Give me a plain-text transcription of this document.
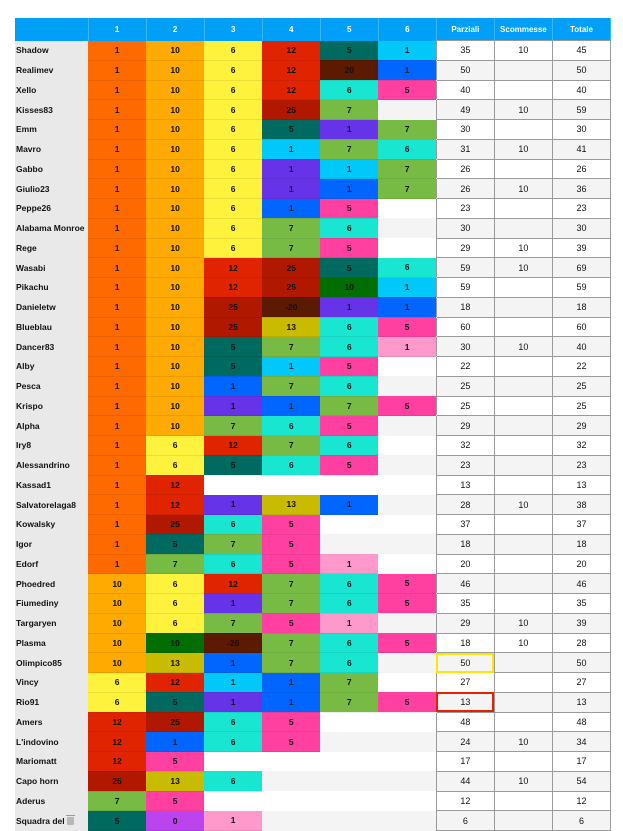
	1	2	3	4	5	6	Parziali	Scommesse	Totale
Shadow	1	10	6	12	5	1	35	10	45
Realimev	1	10	6	12	20	1	50		50
Xello	1	10	6	12	6	5	40		40
Kisses83	1	10	6	25	7		49	10	59
Emm	1	10	6	5	1	7	30		30
Mavro	1	10	6	1	7	6	31	10	41
Gabbo	1	10	6	1	1	7	26		26
Giulio23	1	10	6	1	1	7	26	10	36
Peppe26	1	10	6	1	5		23		23
Alabama Monroe	1	10	6	7	6		30		30
Rege	1	10	6	7	5		29	10	39
Wasabi	1	10	12	25	5	6	59	10	69
Pikachu	1	10	12	25	10	1	59		59
Danieletw	1	10	25	-20	1	1	18		18
Blueblau	1	10	25	13	6	5	60		60
Dancer83	1	10	5	7	6	1	30	10	40
Alby	1	10	5	1	5		22		22
Pesca	1	10	1	7	6		25		25
Krispo	1	10	1	1	7	5	25		25
Alpha	1	10	7	6	5		29		29
Iry8	1	6	12	7	6		32		32
Alessandrino	1	6	5	6	5		23		23
Kassad1	1	12					13		13
Salvatorelaga8	1	12	1	13	1		28	10	38
Kowalsky	1	25	6	5			37		37
Igor	1	5	7	5			18		18
Edorf	1	7	6	5	1		20		20
Phoedred	10	6	12	7	6	5	46		46
Fiumediny	10	6	1	7	6	5	35		35
Targaryen	10	6	7	5	1		29	10	39
Plasma	10	10	-20	7	6	5	18	10	28
Olimpico85	10	13	1	7	6		50		50
Vincy	6	12	1	1	7		27		27
Rio91	6	5	1	1	7	5	13		13
Amers	12	25	6	5			48		48
L'indovino	12	1	6	5			24	10	34
Mariomatt	12	5					17		17
Capo horn	25	13	6				44	10	54
Aderus	7	5					12		12
Squadra del	5	0	1				6		6
